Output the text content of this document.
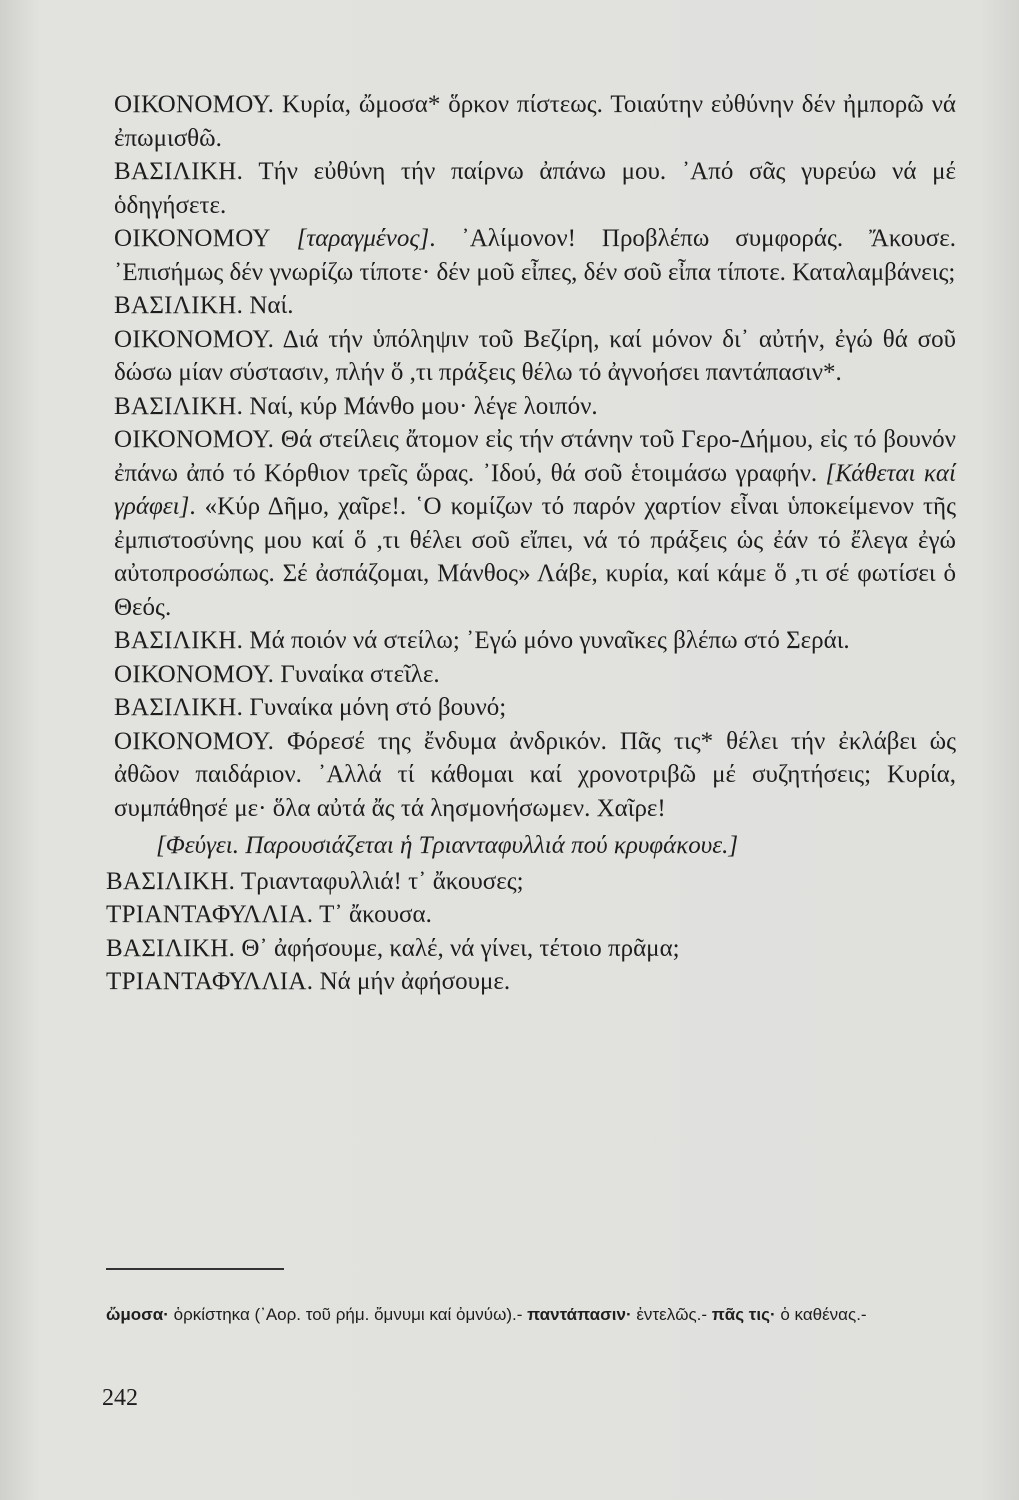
ΟΙΚΟΝΟΜΟΥ. Κυρία, ὤμοσα* ὅρκον πίστεως. Τοιαύτην εὐθύνην δέν ἠμπορῶ νά ἐπωμισθῶ.

ΒΑΣΙΛΙΚΗ. Τήν εὐθύνη τήν παίρνω ἀπάνω μου. ᾿Από σᾶς γυρεύω νά μέ ὁδηγήσετε.

ΟΙΚΟΝΟΜΟΥ [ταραγμένος]. ᾿Αλίμονον! Προβλέπω συμφοράς. Ἄκουσε. ᾿Επισήμως δέν γνωρίζω τίποτε· δέν μοῦ εἶπες, δέν σοῦ εἶπα τίποτε. Καταλαμβάνεις;

ΒΑΣΙΛΙΚΗ. Ναί.

ΟΙΚΟΝΟΜΟΥ. Διά τήν ὑπόληψιν τοῦ Βεζίρη, καί μόνον δι᾿ αὐτήν, ἐγώ θά σοῦ δώσω μίαν σύστασιν, πλήν ὅ ,τι πράξεις θέλω τό ἀγνοήσει παντάπασιν*.

ΒΑΣΙΛΙΚΗ. Ναί, κύρ Μάνθο μου· λέγε λοιπόν.

ΟΙΚΟΝΟΜΟΥ. Θά στείλεις ἄτομον εἰς τήν στάνην τοῦ Γερο-Δήμου, εἰς τό βουνόν ἐπάνω ἀπό τό Κόρθιον τρεῖς ὥρας. ᾿Ιδού, θά σοῦ ἑτοιμάσω γραφήν. [Κάθεται καί γράφει]. «Κύρ Δῆμο, χαῖρε!. ῾Ο κομίζων τό παρόν χαρτίον εἶναι ὑποκείμενον τῆς ἐμπιστοσύνης μου καί ὅ ,τι θέλει σοῦ εἴπει, νά τό πράξεις ὡς ἐάν τό ἔλεγα ἐγώ αὐτοπροσώπως. Σέ ἀσπάζομαι, Μάνθος» Λάβε, κυρία, καί κάμε ὅ ,τι σέ φωτίσει ὁ Θεός.

ΒΑΣΙΛΙΚΗ. Μά ποιόν νά στείλω; ᾿Εγώ μόνο γυναῖκες βλέπω στό Σεράι.

ΟΙΚΟΝΟΜΟΥ. Γυναίκα στεῖλε.

ΒΑΣΙΛΙΚΗ. Γυναίκα μόνη στό βουνό;

ΟΙΚΟΝΟΜΟΥ. Φόρεσέ της ἔνδυμα ἀνδρικόν. Πᾶς τις* θέλει τήν ἐκλάβει ὡς ἀθῶον παιδάριον. ᾿Αλλά τί κάθομαι καί χρονοτριβῶ μέ συζητήσεις; Κυρία, συμπάθησέ με· ὅλα αὐτά ἄς τά λησμονήσωμεν. Χαῖρε!

[Φεύγει. Παρουσιάζεται ἡ Τριανταφυλλιά πού κρυφάκουε.]

ΒΑΣΙΛΙΚΗ. Τριανταφυλλιά! τ᾿ ἄκουσες;

ΤΡΙΑΝΤΑΦΥΛΛΙΑ. Τ᾿ ἄκουσα.

ΒΑΣΙΛΙΚΗ. Θ᾿ ἀφήσουμε, καλέ, νά γίνει, τέτοιο πρᾶμα;

ΤΡΙΑΝΤΑΦΥΛΛΙΑ. Νά μήν ἀφήσουμε.

ὤμοσα· ὁρκίστηκα (᾿Αορ. τοῦ ρήμ. ὄμνυμι καί ὀμνύω).- παντάπασιν· ἐντελῶς.- πᾶς τις· ὁ καθένας.-
242
